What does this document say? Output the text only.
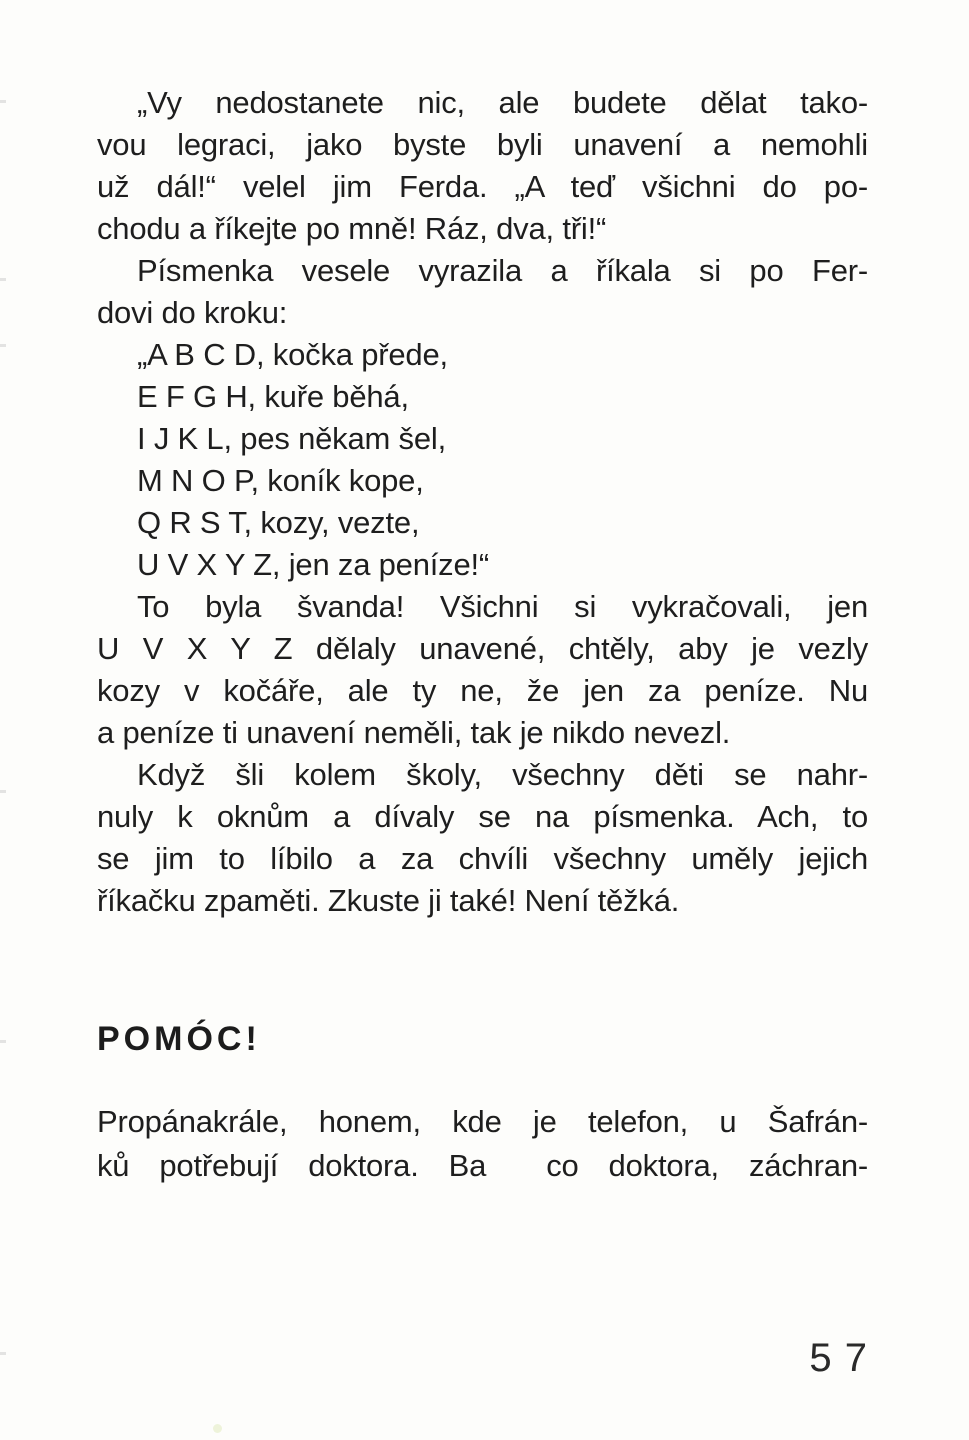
„Vy nedostanete nic, ale budete dělat tako-
vou legraci, jako byste byli unavení a nemohli
už dál!“ velel jim Ferda. „A teď všichni do po-
chodu a říkejte po mně! Ráz, dva, tři!“
Písmenka vesele vyrazila a říkala si po Fer-
dovi do kroku:
„A B C D, kočka přede,
E F G H, kuře běhá,
I J K L, pes někam šel,
M N O P, koník kope,
Q R S T, kozy, vezte,
U V X Y Z, jen za peníze!“
To byla švanda! Všichni si vykračovali, jen
U V X Y Z dělaly unavené, chtěly, aby je vezly
kozy v kočáře, ale ty ne, že jen za peníze. Nu
a peníze ti unavení neměli, tak je nikdo nevezl.
Když šli kolem školy, všechny děti se nahr-
nuly k oknům a dívaly se na písmenka. Ach, to
se jim to líbilo a za chvíli všechny uměly jejich
říkačku zpaměti. Zkuste ji také! Není těžká.
POMÓC!
Propánakrále, honem, kde je telefon, u Šafrán-
ků potřebují doktora. Ba  co doktora, záchran-
5 7
